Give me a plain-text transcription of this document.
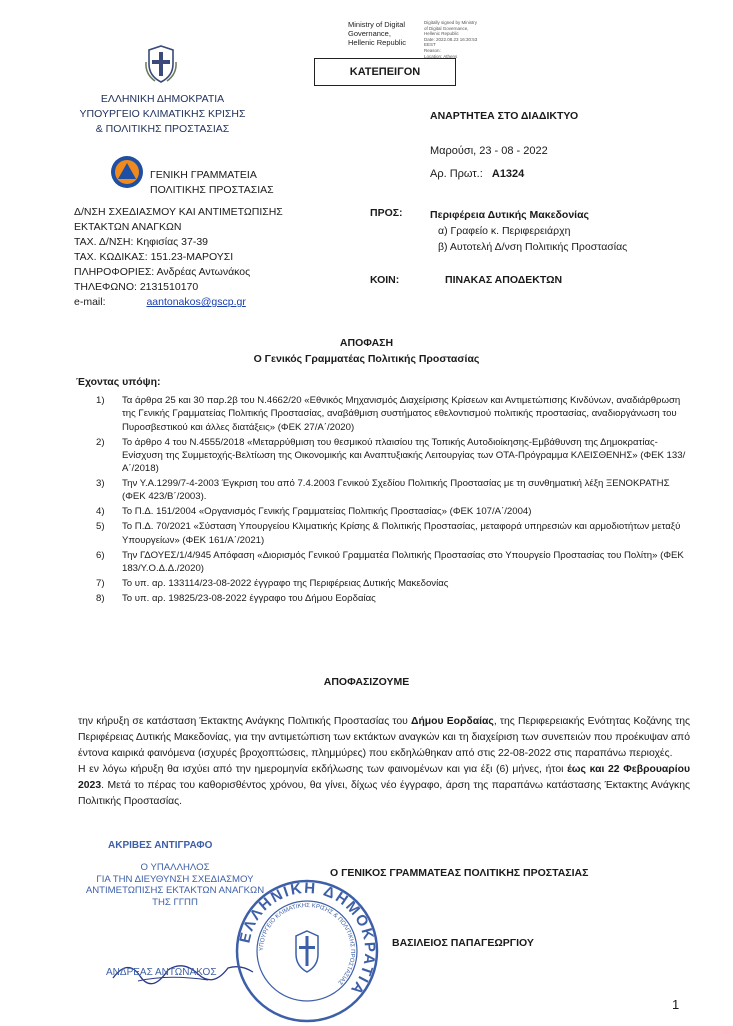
Ministry of Digital
Governance,
Hellenic Republic
Digitally signed by Ministry
of Digital Governance,
Hellenic Republic
Date: 2022.08.23 16:30:53
EEST
Reason:
Location: Athens
ΚΑΤΕΠΕΙΓΟΝ
ΕΛΛΗΝΙΚΗ ΔΗΜΟΚΡΑΤΙΑ
ΥΠΟΥΡΓΕΙΟ ΚΛΙΜΑΤΙΚΗΣ ΚΡΙΣΗΣ
& ΠΟΛΙΤΙΚΗΣ ΠΡΟΣΤΑΣΙΑΣ
ΓΕΝΙΚΗ ΓΡΑΜΜΑΤΕΙΑ
ΠΟΛΙΤΙΚΗΣ ΠΡΟΣΤΑΣΙΑΣ
Δ/ΝΣΗ ΣΧΕΔΙΑΣΜΟΥ ΚΑΙ ΑΝΤΙΜΕΤΩΠΙΣΗΣ
ΕΚΤΑΚΤΩΝ ΑΝΑΓΚΩΝ
ΤΑΧ. Δ/ΝΣΗ: Κηφισίας 37-39
ΤΑΧ. ΚΩΔΙΚΑΣ: 151.23-ΜΑΡΟΥΣΙ
ΠΛΗΡΟΦΟΡΙΕΣ: Ανδρέας Αντωνάκος
ΤΗΛΕΦΩΝΟ: 2131510170
e-mail:	aantonakos@gscp.gr
ΑΝΑΡΤΗΤΕΑ ΣΤΟ ΔΙΑΔΙΚΤΥΟ
Μαρούσι, 23 - 08 - 2022
Αρ. Πρωτ.: Α1324
ΠΡΟΣ:	Περιφέρεια Δυτικής Μακεδονίας
α) Γραφείο κ. Περιφερειάρχη
β) Αυτοτελή Δ/νση Πολιτικής Προστασίας
ΚΟΙΝ:	ΠΙΝΑΚΑΣ ΑΠΟΔΕΚΤΩΝ
ΑΠΟΦΑΣΗ
Ο Γενικός Γραμματέας Πολιτικής Προστασίας
Έχοντας υπόψη:
1)	Τα άρθρα 25 και 30 παρ.2β του Ν.4662/20 «Εθνικός Μηχανισμός Διαχείρισης Κρίσεων και Αντιμετώπισης Κινδύνων, αναδιάρθρωση της Γενικής Γραμματείας Πολιτικής Προστασίας, αναβάθμιση συστήματος εθελοντισμού πολιτικής προστασίας, αναδιοργάνωση του Πυροσβεστικού και άλλες διατάξεις» (ΦΕΚ 27/Α΄/2020)
2)	Το άρθρο 4 του Ν.4555/2018 «Μεταρρύθμιση του θεσμικού πλαισίου της Τοπικής Αυτοδιοίκησης-Εμβάθυνση της Δημοκρατίας-Ενίσχυση της Συμμετοχής-Βελτίωση της Οικονομικής και Αναπτυξιακής Λειτουργίας των ΟΤΑ-Πρόγραμμα ΚΛΕΙΣΘΕΝΗΣ» (ΦΕΚ 133/Α΄/2018)
3)	Την Υ.Α.1299/7-4-2003 Έγκριση του από 7.4.2003 Γενικού Σχεδίου Πολιτικής Προστασίας με τη συνθηματική λέξη ΞΕΝΟΚΡΑΤΗΣ (ΦΕΚ 423/Β΄/2003).
4)	Το Π.Δ. 151/2004 «Οργανισμός Γενικής Γραμματείας Πολιτικής Προστασίας» (ΦΕΚ 107/Α΄/2004)
5)	Το Π.Δ. 70/2021 «Σύσταση Υπουργείου Κλιματικής Κρίσης & Πολιτικής Προστασίας, μεταφορά υπηρεσιών και αρμοδιοτήτων μεταξύ Υπουργείων» (ΦΕΚ 161/Α΄/2021)
6)	Την ΓΔΟΥΕΣ/1/4/945 Απόφαση «Διορισμός Γενικού Γραμματέα Πολιτικής Προστασίας στο Υπουργείο Προστασίας του Πολίτη» (ΦΕΚ 183/Υ.Ο.Δ.Δ./2020)
7)	Το υπ. αρ. 133114/23-08-2022 έγγραφο της Περιφέρειας Δυτικής Μακεδονίας
8)	Το υπ. αρ. 19825/23-08-2022 έγγραφο του Δήμου Εορδαίας
ΑΠΟΦΑΣΙΖΟΥΜΕ
την κήρυξη σε κατάσταση Έκτακτης Ανάγκης Πολιτικής Προστασίας του Δήμου Εορδαίας, της Περιφερειακής Ενότητας Κοζάνης της Περιφέρειας Δυτικής Μακεδονίας, για την αντιμετώπιση των εκτάκτων αναγκών και τη διαχείριση των συνεπειών που προέκυψαν από έντονα καιρικά φαινόμενα (ισχυρές βροχοπτώσεις, πλημμύρες) που εκδηλώθηκαν από στις 22-08-2022 στις παραπάνω περιοχές.
Η εν λόγω κήρυξη θα ισχύει από την ημερομηνία εκδήλωσης των φαινομένων και για έξι (6) μήνες, ήτοι έως και 22 Φεβρουαρίου 2023. Μετά το πέρας του καθορισθέντος χρόνου, θα γίνει, δίχως νέο έγγραφο, άρση της παραπάνω κατάστασης Έκτακτης Ανάγκης Πολιτικής Προστασίας.
ΑΚΡΙΒΕΣ ΑΝΤΙΓΡΑΦΟ
Ο ΥΠΑΛΛΗΛΟΣ
ΓΙΑ ΤΗΝ ΔΙΕΥΘΥΝΣΗ ΣΧΕΔΙΑΣΜΟΥ
ΑΝΤΙΜΕΤΩΠΙΣΗΣ ΕΚΤΑΚΤΩΝ ΑΝΑΓΚΩΝ
ΤΗΣ ΓΓΠΠ
ΑΝΔΡΕΑΣ ΑΝΤΩΝΑΚΟΣ
ΕΛΛΗΝΙΚΗ ΔΗΜΟΚΡΑΤΙΑ
ΥΠΟΥΡΓΕΙΟ ΚΛΙΜΑΤΙΚΗΣ ΚΡΙΣΗΣ & ΠΟΛΙΤΙΚΗΣ ΠΡΟΣΤΑΣΙΑΣ
Ο ΓΕΝΙΚΟΣ ΓΡΑΜΜΑΤΕΑΣ ΠΟΛΙΤΙΚΗΣ ΠΡΟΣΤΑΣΙΑΣ
ΒΑΣΙΛΕΙΟΣ ΠΑΠΑΓΕΩΡΓΙΟΥ
1
